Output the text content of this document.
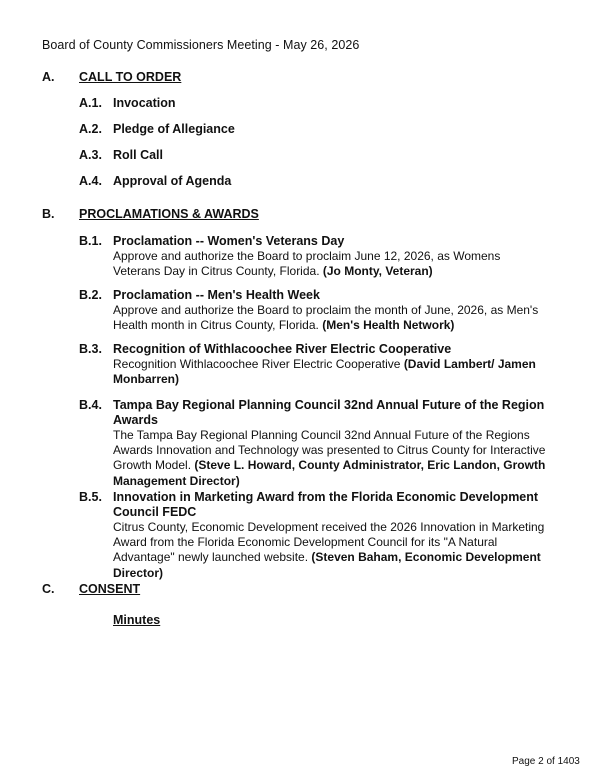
Board of County Commissioners Meeting - May 26, 2026
A. CALL TO ORDER
A.1. Invocation
A.2. Pledge of Allegiance
A.3. Roll Call
A.4. Approval of Agenda
B. PROCLAMATIONS & AWARDS
B.1. Proclamation -- Women's Veterans Day
Approve and authorize the Board to proclaim June 12, 2026, as Womens Veterans Day in Citrus County, Florida. (Jo Monty, Veteran)
B.2. Proclamation -- Men's Health Week
Approve and authorize the Board to proclaim the month of June, 2026, as Men's Health month in Citrus County, Florida. (Men's Health Network)
B.3. Recognition of Withlacoochee River Electric Cooperative
Recognition Withlacoochee River Electric Cooperative (David Lambert/ Jamen Monbarren)
B.4. Tampa Bay Regional Planning Council 32nd Annual Future of the Region Awards
The Tampa Bay Regional Planning Council 32nd Annual Future of the Regions Awards Innovation and Technology was presented to Citrus County for Interactive Growth Model. (Steve L. Howard, County Administrator, Eric Landon, Growth Management Director)
B.5. Innovation in Marketing Award from the Florida Economic Development Council FEDC
Citrus County, Economic Development received the 2026 Innovation in Marketing Award from the Florida Economic Development Council for its "A Natural Advantage" newly launched website. (Steven Baham, Economic Development Director)
C. CONSENT
Minutes
Page 2 of 1403
